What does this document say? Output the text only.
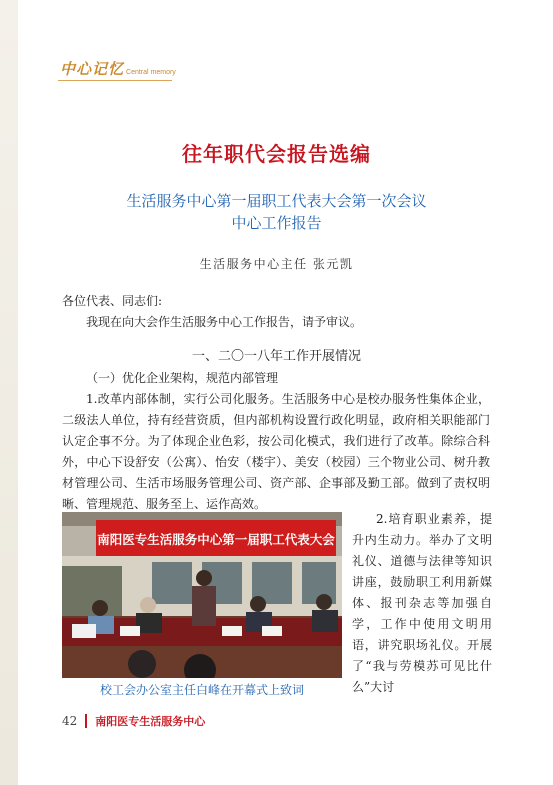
中心记忆 Central memory
往年职代会报告选编
生活服务中心第一届职工代表大会第一次会议
中心工作报告
生活服务中心主任 张元凯
各位代表、同志们:
我现在向大会作生活服务中心工作报告，请予审议。
一、二〇一八年工作开展情况
（一）优化企业架构，规范内部管理
1.改革内部体制，实行公司化服务。生活服务中心是校办服务性集体企业，二级法人单位，持有经营资质，但内部机构设置行政化明显，政府相关职能部门认定企事不分。为了体现企业色彩，按公司化模式，我们进行了改革。除综合科外，中心下设舒安（公寓）、怡安（楼宇）、美安（校园）三个物业公司、树升教材管理公司、生活市场服务管理公司、资产部、企事部及勤工部。做到了责权明晰、管理规范、服务至上、运作高效。
南阳医专生活服务中心第一届职工代表大会
校工会办公室主任白峰在开幕式上致词
2.培育职业素养，提升内生动力。举办了文明礼仪、道德与法律等知识讲座，鼓励职工利用新媒体、报刊杂志等加强自学，工作中使用文明用语，讲究职场礼仪。开展了“我与劳模苏可见比什么”大讨
42 南阳医专生活服务中心
